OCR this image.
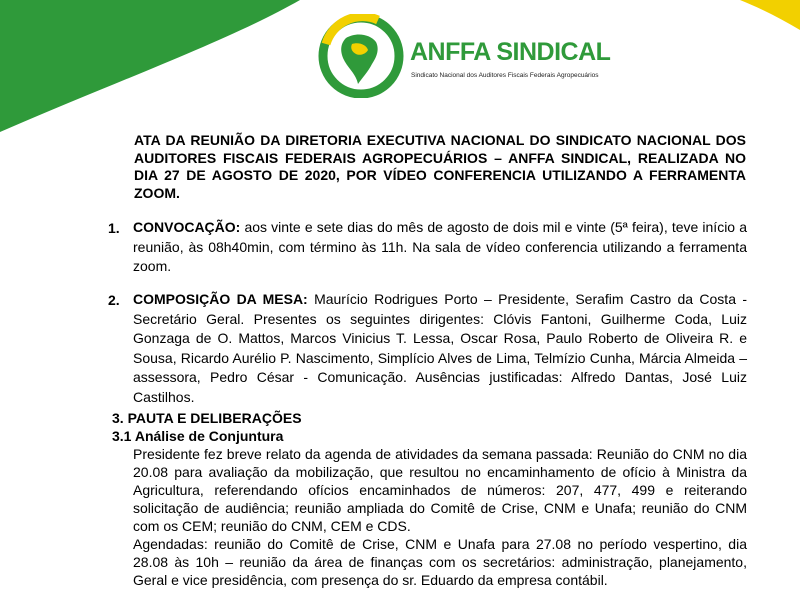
ANFFA SINDICAL
Sindicato Nacional dos Auditores Fiscais Federais Agropecuários
ATA DA REUNIÃO DA DIRETORIA EXECUTIVA NACIONAL DO SINDICATO NACIONAL DOS AUDITORES FISCAIS FEDERAIS AGROPECUÁRIOS – ANFFA SINDICAL, REALIZADA NO DIA 27 DE AGOSTO DE 2020, POR VÍDEO CONFERENCIA UTILIZANDO A FERRAMENTA ZOOM.
1. CONVOCAÇÃO: aos vinte e sete dias do mês de agosto de dois mil e vinte (5ª feira), teve início a reunião, às 08h40min, com término às 11h. Na sala de vídeo conferencia utilizando a ferramenta zoom.
2. COMPOSIÇÃO DA MESA: Maurício Rodrigues Porto – Presidente, Serafim Castro da Costa - Secretário Geral. Presentes os seguintes dirigentes: Clóvis Fantoni, Guilherme Coda, Luiz Gonzaga de O. Mattos, Marcos Vinicius T. Lessa, Oscar Rosa, Paulo Roberto de Oliveira R. e Sousa, Ricardo Aurélio P. Nascimento, Simplício Alves de Lima, Telmízio Cunha, Márcia Almeida – assessora, Pedro César - Comunicação. Ausências justificadas: Alfredo Dantas, José Luiz Castilhos.
3. PAUTA E DELIBERAÇÕES
3.1 Análise de Conjuntura
Presidente fez breve relato da agenda de atividades da semana passada: Reunião do CNM no dia 20.08 para avaliação da mobilização, que resultou no encaminhamento de ofício à Ministra da Agricultura, referendando ofícios encaminhados de números: 207, 477, 499 e reiterando solicitação de audiência; reunião ampliada do Comitê de Crise, CNM e Unafa; reunião do CNM com os CEM; reunião do CNM, CEM e CDS.
Agendadas: reunião do Comitê de Crise, CNM e Unafa para 27.08 no período vespertino, dia 28.08 às 10h – reunião da área de finanças com os secretários: administração, planejamento, Geral e vice presidência, com presença do sr. Eduardo da empresa contábil.
